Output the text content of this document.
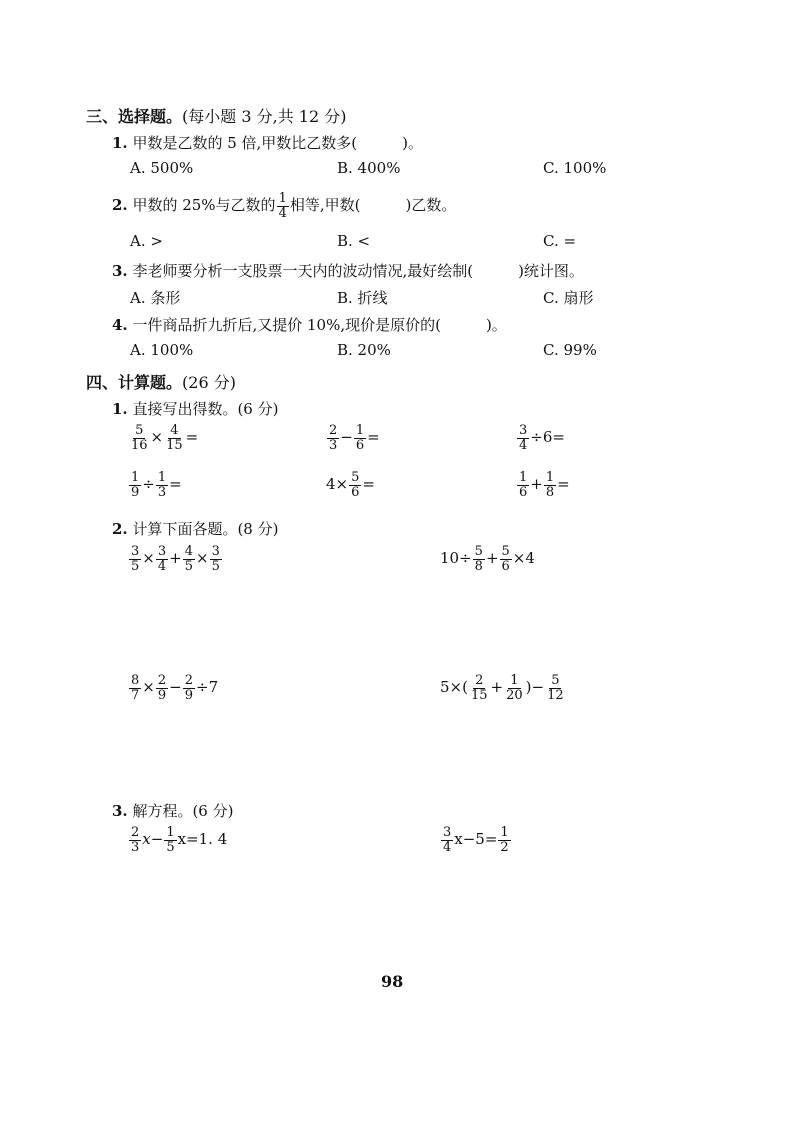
三、选择题。(每小题 3 分,共 12 分)
1. 甲数是乙数的 5 倍,甲数比乙数多(　　　)。
A. 500%	B. 400%	C. 100%
2. 甲数的 25%与乙数的 $\frac{1}{4}$ 相等,甲数(　　　)乙数。
A. >	B. <	C. =
3. 李老师要分析一支股票一天内的波动情况,最好绘制(　　　)统计图。
A. 条形	B. 折线	C. 扇形
4. 一件商品折九折后,又提价 10%,现价是原价的(　　　)。
A. 100%	B. 20%	C. 99%
四、计算题。(26 分)
1. 直接写出得数。(6 分)
$\frac{5}{16} \times \frac{4}{15}$ =	$\frac{2}{3} - \frac{1}{6}$ =	$\frac{3}{4} \div 6=$
$\frac{1}{9} \div \frac{1}{3}$ =	$4\times \frac{5}{6}$ =	$\frac{1}{6} + \frac{1}{8}$ =
2. 计算下面各题。(8 分)
$\frac{3}{5} \times \frac{3}{4} + \frac{4}{5} \times \frac{3}{5}$	$10\div \frac{5}{8} + \frac{5}{6} \times 4$
$\frac{8}{7} \times \frac{2}{9} - \frac{2}{9} \div 7$	$5\times( \frac{2}{15} + \frac{1}{20}$ )− $\frac{5}{12}$
3. 解方程。(6 分)
$\frac{2}{3} x- \frac{1}{5} x=1$. 4	$\frac{3}{4} x-5= \frac{1}{2}$
98
